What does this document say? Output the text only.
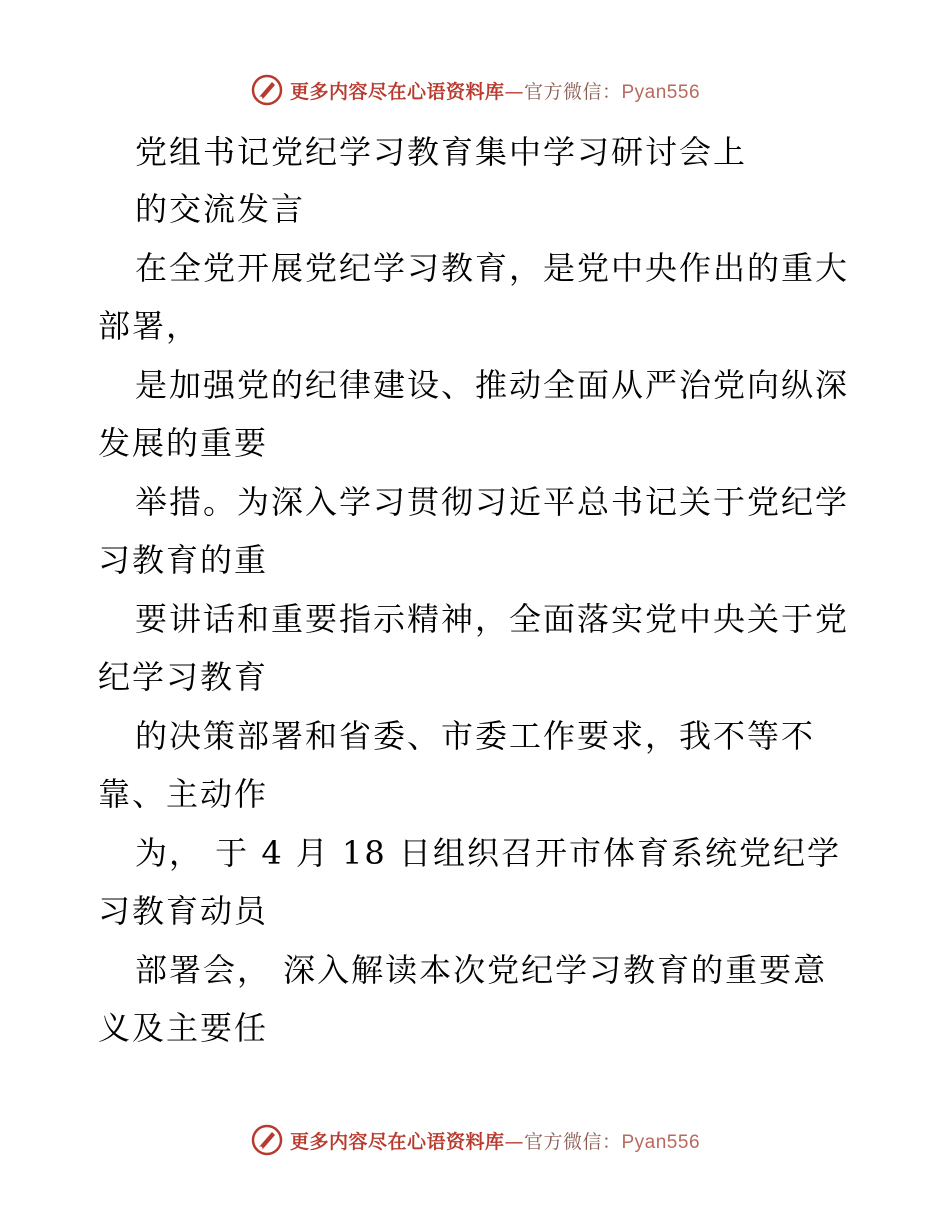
更多内容尽在心语资料库—官方微信：Pyan556
党组书记党纪学习教育集中学习研讨会上
的交流发言
在全党开展党纪学习教育，是党中央作出的重大
部署，
是加强党的纪律建设、推动全面从严治党向纵深
发展的重要
举措。为深入学习贯彻习近平总书记关于党纪学
习教育的重
要讲话和重要指示精神，全面落实党中央关于党
纪学习教育
的决策部署和省委、市委工作要求，我不等不
靠、主动作
为， 于 4 月 18 日组织召开市体育系统党纪学
习教育动员
部署会， 深入解读本次党纪学习教育的重要意
义及主要任
更多内容尽在心语资料库—官方微信：Pyan556
